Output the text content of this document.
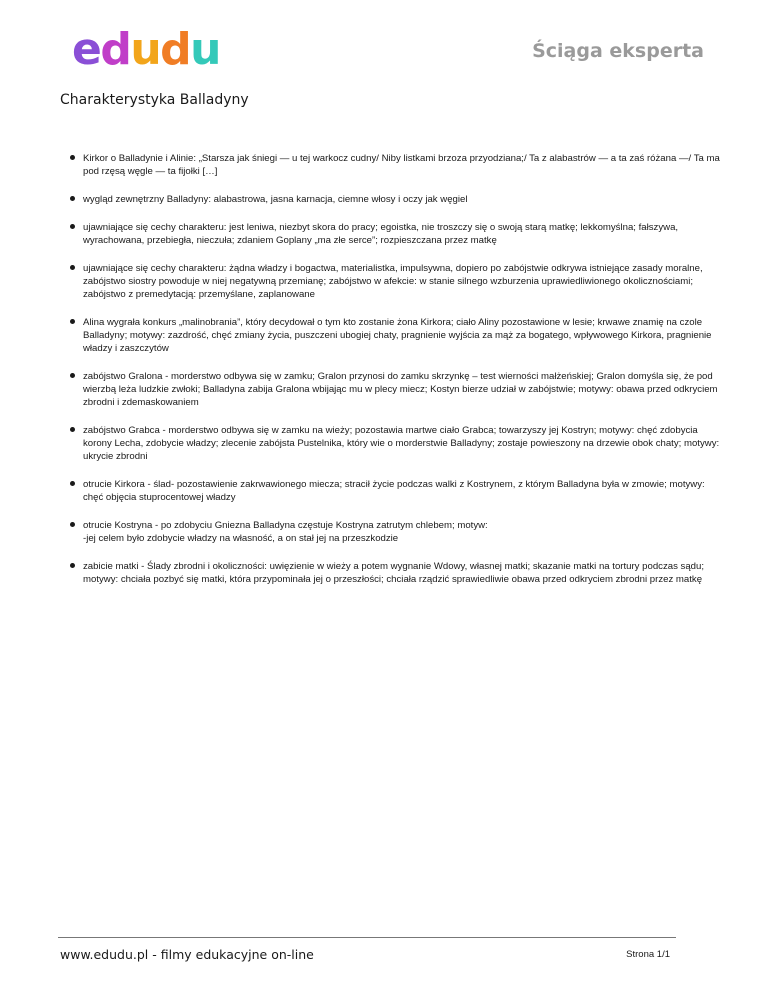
e d u d u	Ściąga eksperta
Charakterystyka Balladyny
Kirkor o Balladynie i Alinie: „Starsza jak śniegi — u tej warkocz cudny/ Niby listkami brzoza przyodziana;/ Ta z alabastrów — a ta zaś różana —/ Ta ma pod rzęsą węgle — ta fijołki […]
wygląd zewnętrzny Balladyny: alabastrowa, jasna karnacja, ciemne włosy i oczy jak węgiel
ujawniające się cechy charakteru: jest leniwa, niezbyt skora do pracy; egoistka, nie troszczy się o swoją starą matkę; lekkomyślna; fałszywa, wyrachowana, przebiegła, nieczuła; zdaniem Goplany „ma złe serce”; rozpieszczana przez matkę
ujawniające się cechy charakteru: żądna władzy i bogactwa, materialistka, impulsywna, dopiero po zabójstwie odkrywa istniejące zasady moralne, zabójstwo siostry powoduje w niej negatywną przemianę; zabójstwo w afekcie: w stanie silnego wzburzenia uprawiedliwionego okolicznościami; zabójstwo z premedytacją: przemyślane, zaplanowane
Alina wygrała konkurs „malinobrania”, który decydował o tym kto zostanie żona Kirkora; ciało Aliny pozostawione w lesie; krwawe znamię na czole Balladyny; motywy: zazdrość, chęć zmiany życia, puszczeni ubogiej chaty, pragnienie wyjścia za mąż za bogatego, wpływowego Kirkora, pragnienie władzy i zaszczytów
zabójstwo Gralona - morderstwo odbywa się w zamku; Gralon przynosi do zamku skrzynkę – test wierności małżeńskiej; Gralon domyśla się, że pod wierzbą leża ludzkie zwłoki; Balladyna zabija Gralona wbijając mu w plecy miecz; Kostyn bierze udział w zabójstwie; motywy: obawa przed odkryciem zbrodni i zdemaskowaniem
zabójstwo Grabca - morderstwo odbywa się w zamku na wieży; pozostawia martwe ciało Grabca; towarzyszy jej Kostryn; motywy: chęć zdobycia korony Lecha, zdobycie władzy; zlecenie zabójsta Pustelnika, który wie o morderstwie Balladyny; zostaje powieszony na drzewie obok chaty; motywy: ukrycie zbrodni
otrucie Kirkora - ślad- pozostawienie zakrwawionego miecza; stracił życie podczas walki z Kostrynem, z którym Balladyna była w zmowie; motywy: chęć objęcia stuprocentowej władzy
otrucie Kostryna - po zdobyciu Gniezna Balladyna częstuje Kostryna zatrutym chlebem; motyw:
-jej celem było zdobycie władzy na własność, a on stał jej na przeszkodzie
zabicie matki - Ślady zbrodni i okoliczności: uwięzienie w wieży a potem wygnanie Wdowy, własnej matki; skazanie matki na tortury podczas sądu; motywy: chciała pozbyć się matki, która przypominała jej o przeszłości; chciała rządzić sprawiedliwie obawa przed odkryciem zbrodni przez matkę
www.edudu.pl - filmy edukacyjne on-line	Strona 1/1
